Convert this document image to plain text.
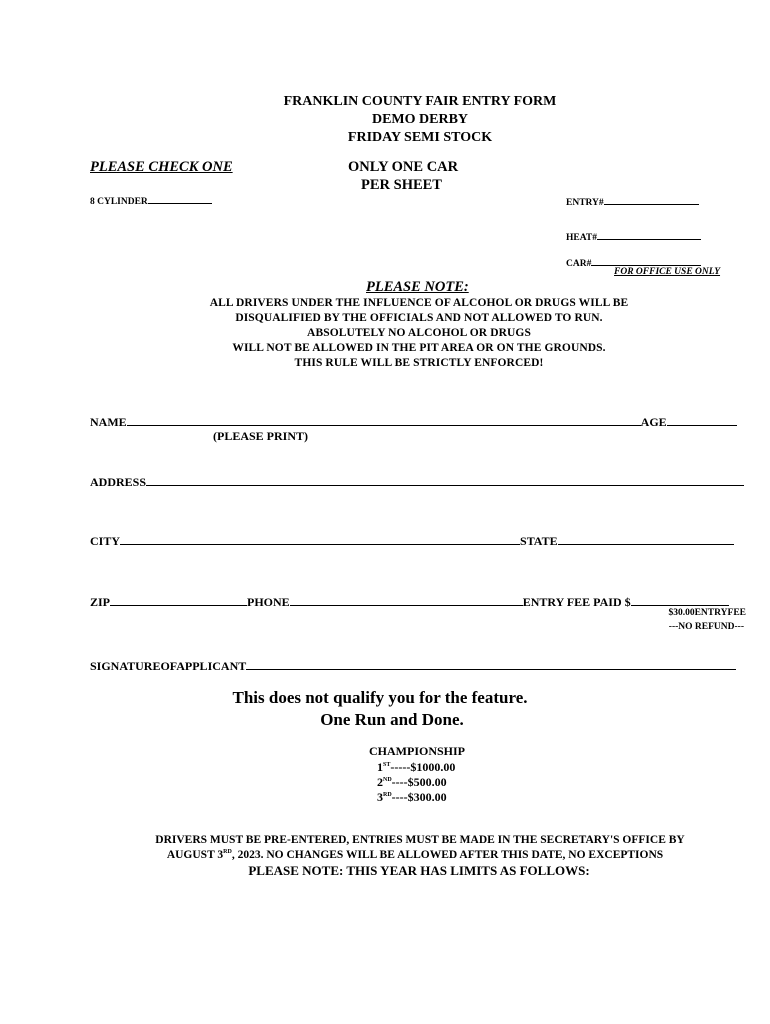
FRANKLIN COUNTY FAIR ENTRY FORM
DEMO DERBY
FRIDAY SEMI STOCK
PLEASE CHECK ONE
8 CYLINDER
ONLY ONE CAR
PER SHEET
ENTRY#
HEAT#
CAR#
FOR OFFICE USE ONLY
PLEASE NOTE:
ALL DRIVERS UNDER THE INFLUENCE OF ALCOHOL OR DRUGS WILL BE
DISQUALIFIED BY THE OFFICIALS AND NOT ALLOWED TO RUN.
ABSOLUTELY NO ALCOHOL OR DRUGS
WILL NOT BE ALLOWED IN THE PIT AREA OR ON THE GROUNDS.
THIS RULE WILL BE STRICTLY ENFORCED!
NAME	AGE
(PLEASE PRINT)
ADDRESS
CITY	STATE
ZIP	PHONE	ENTRY FEE PAID $
$30.00ENTRYFEE
---NO REFUND---
SIGNATUREOFAPPLICANT
This does not qualify you for the feature.
One Run and Done.
CHAMPIONSHIP
1ST-----$1000.00
2ND----$500.00
3RD----$300.00
DRIVERS MUST BE PRE-ENTERED, ENTRIES MUST BE MADE IN THE SECRETARY'S OFFICE BY
AUGUST 3RD, 2023. NO CHANGES WILL BE ALLOWED AFTER THIS DATE, NO EXCEPTIONS
PLEASE NOTE: THIS YEAR HAS LIMITS AS FOLLOWS:
